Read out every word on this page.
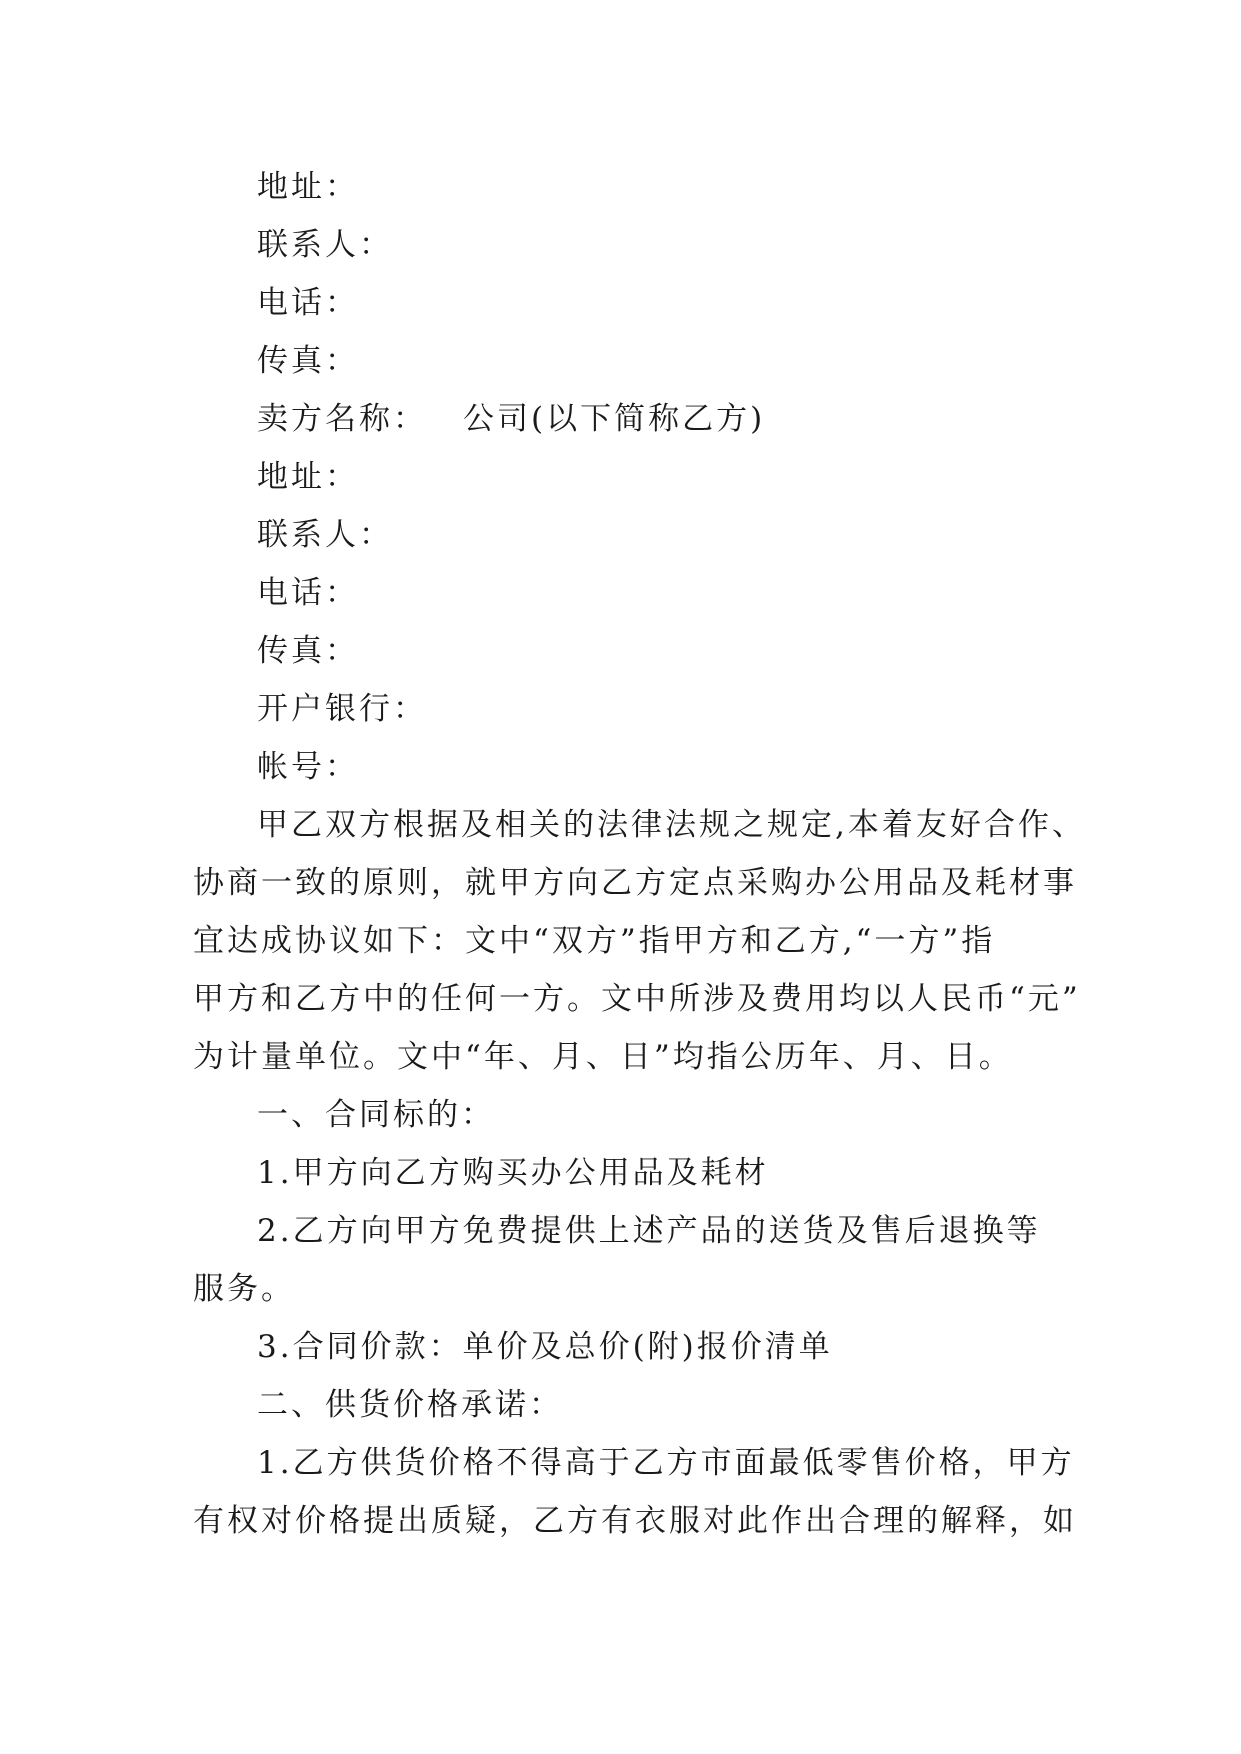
地址：

联系人：

电话：

传真：

卖方名称： 公司(以下简称乙方)

地址：

联系人：

电话：

传真：

开户银行：

帐号：

甲乙双方根据及相关的法律法规之规定,本着友好合作、

协商一致的原则，就甲方向乙方定点采购办公用品及耗材事

宜达成协议如下：文中“双方”指甲方和乙方,“一方”指

甲方和乙方中的任何一方。文中所涉及费用均以人民币“元”

为计量单位。文中“年、月、日”均指公历年、月、日。

一、合同标的：

1.甲方向乙方购买办公用品及耗材

2.乙方向甲方免费提供上述产品的送货及售后退换等

服务。

3.合同价款：单价及总价(附)报价清单

二、供货价格承诺：

1.乙方供货价格不得高于乙方市面最低零售价格，甲方

有权对价格提出质疑，乙方有衣服对此作出合理的解释，如
